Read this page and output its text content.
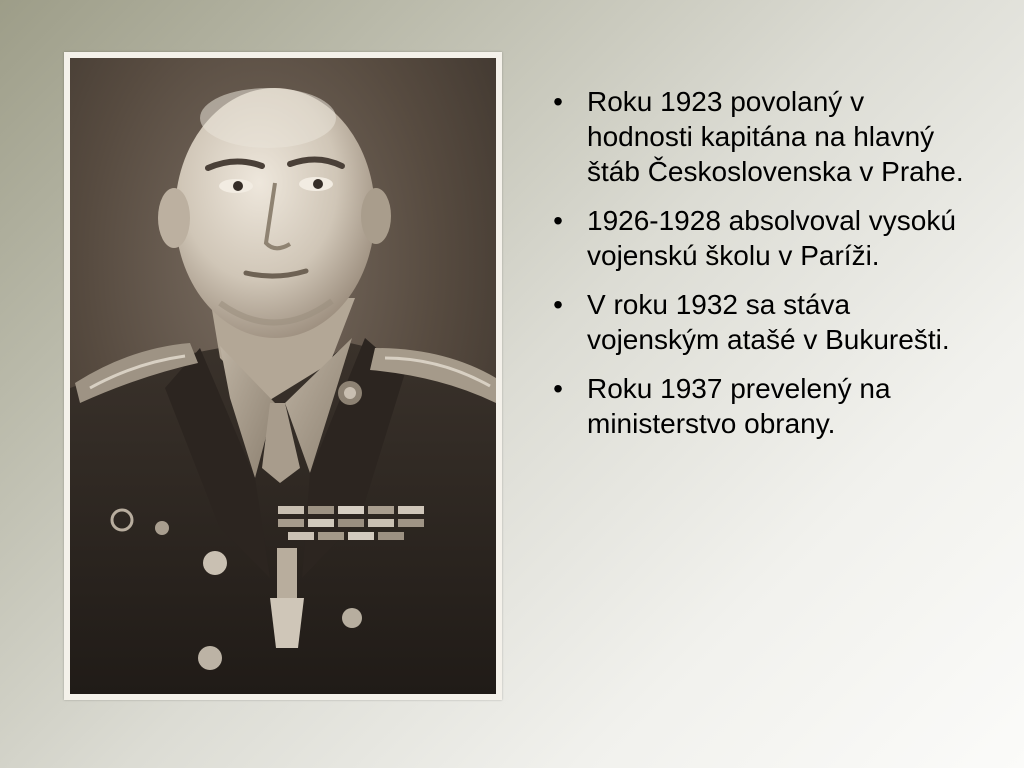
• Roku 1923 povolaný v hodnosti kapitána na hlavný štáb Československa v Prahe.
• 1926-1928 absolvoval vysokú vojenskú školu v Paríži.
• V roku 1932 sa stáva vojenským atašé v Bukurešti.
• Roku 1937 prevelený na ministerstvo obrany.
